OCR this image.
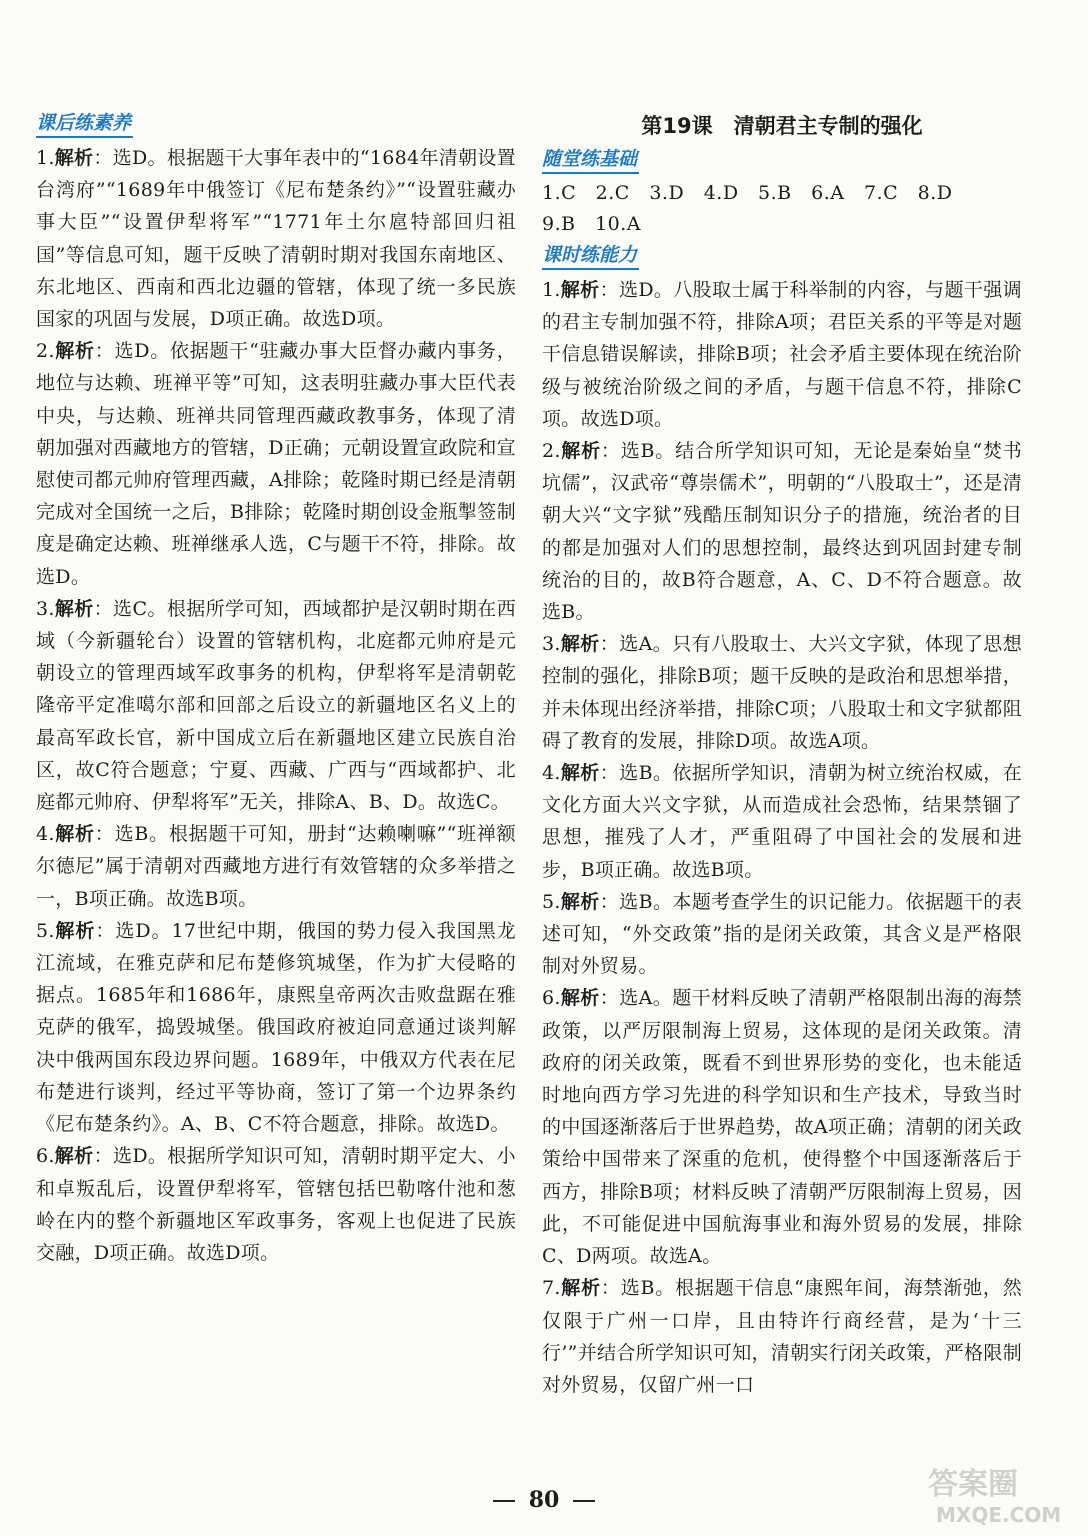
课后练素养

1.解析：选D。根据题干大事年表中的“1684年清朝设置台湾府”“1689年中俄签订《尼布楚条约》”“设置驻藏办事大臣”“设置伊犁将军”“1771年土尔扈特部回归祖国”等信息可知，题干反映了清朝时期对我国东南地区、东北地区、西南和西北边疆的管辖，体现了统一多民族国家的巩固与发展，D项正确。故选D项。

2.解析：选D。依据题干“驻藏办事大臣督办藏内事务，地位与达赖、班禅平等”可知，这表明驻藏办事大臣代表中央，与达赖、班禅共同管理西藏政教事务，体现了清朝加强对西藏地方的管辖，D正确；元朝设置宣政院和宣慰使司都元帅府管理西藏，A排除；乾隆时期已经是清朝完成对全国统一之后，B排除；乾隆时期创设金瓶掣签制度是确定达赖、班禅继承人选，C与题干不符，排除。故选D。

3.解析：选C。根据所学可知，西域都护是汉朝时期在西域（今新疆轮台）设置的管辖机构，北庭都元帅府是元朝设立的管理西域军政事务的机构，伊犁将军是清朝乾隆帝平定准噶尔部和回部之后设立的新疆地区名义上的最高军政长官，新中国成立后在新疆地区建立民族自治区，故C符合题意；宁夏、西藏、广西与“西域都护、北庭都元帅府、伊犁将军”无关，排除A、B、D。故选C。

4.解析：选B。根据题干可知，册封“达赖喇嘛”“班禅额尔德尼”属于清朝对西藏地方进行有效管辖的众多举措之一，B项正确。故选B项。

5.解析：选D。17世纪中期，俄国的势力侵入我国黑龙江流域，在雅克萨和尼布楚修筑城堡，作为扩大侵略的据点。1685年和1686年，康熙皇帝两次击败盘踞在雅克萨的俄军，捣毁城堡。俄国政府被迫同意通过谈判解决中俄两国东段边界问题。1689年，中俄双方代表在尼布楚进行谈判，经过平等协商，签订了第一个边界条约《尼布楚条约》。A、B、C不符合题意，排除。故选D。

6.解析：选D。根据所学知识可知，清朝时期平定大、小和卓叛乱后，设置伊犁将军，管辖包括巴勒喀什池和葱岭在内的整个新疆地区军政事务，客观上也促进了民族交融，D项正确。故选D项。

第19课　清朝君主专制的强化
随堂练基础
1.C　2.C　3.D　4.D　5.B　6.A　7.C　8.D
9.B　10.A
课时练能力

1.解析：选D。八股取士属于科举制的内容，与题干强调的君主专制加强不符，排除A项；君臣关系的平等是对题干信息错误解读，排除B项；社会矛盾主要体现在统治阶级与被统治阶级之间的矛盾，与题干信息不符，排除C项。故选D项。

2.解析：选B。结合所学知识可知，无论是秦始皇“焚书坑儒”，汉武帝“尊崇儒术”，明朝的“八股取士”，还是清朝大兴“文字狱”残酷压制知识分子的措施，统治者的目的都是加强对人们的思想控制，最终达到巩固封建专制统治的目的，故B符合题意，A、C、D不符合题意。故选B。

3.解析：选A。只有八股取士、大兴文字狱，体现了思想控制的强化，排除B项；题干反映的是政治和思想举措，并未体现出经济举措，排除C项；八股取士和文字狱都阻碍了教育的发展，排除D项。故选A项。

4.解析：选B。依据所学知识，清朝为树立统治权威，在文化方面大兴文字狱，从而造成社会恐怖，结果禁锢了思想，摧残了人才，严重阻碍了中国社会的发展和进步，B项正确。故选B项。

5.解析：选B。本题考查学生的识记能力。依据题干的表述可知，“外交政策”指的是闭关政策，其含义是严格限制对外贸易。

6.解析：选A。题干材料反映了清朝严格限制出海的海禁政策，以严厉限制海上贸易，这体现的是闭关政策。清政府的闭关政策，既看不到世界形势的变化，也未能适时地向西方学习先进的科学知识和生产技术，导致当时的中国逐渐落后于世界趋势，故A项正确；清朝的闭关政策给中国带来了深重的危机，使得整个中国逐渐落后于西方，排除B项；材料反映了清朝严厉限制海上贸易，因此，不可能促进中国航海事业和海外贸易的发展，排除C、D两项。故选A。

7.解析：选B。根据题干信息“康熙年间，海禁渐弛，然仅限于广州一口岸，且由特许行商经营，是为‘十三行’”并结合所学知识可知，清朝实行闭关政策，严格限制对外贸易，仅留广州一口

80	答案圈
MXQE.COM
